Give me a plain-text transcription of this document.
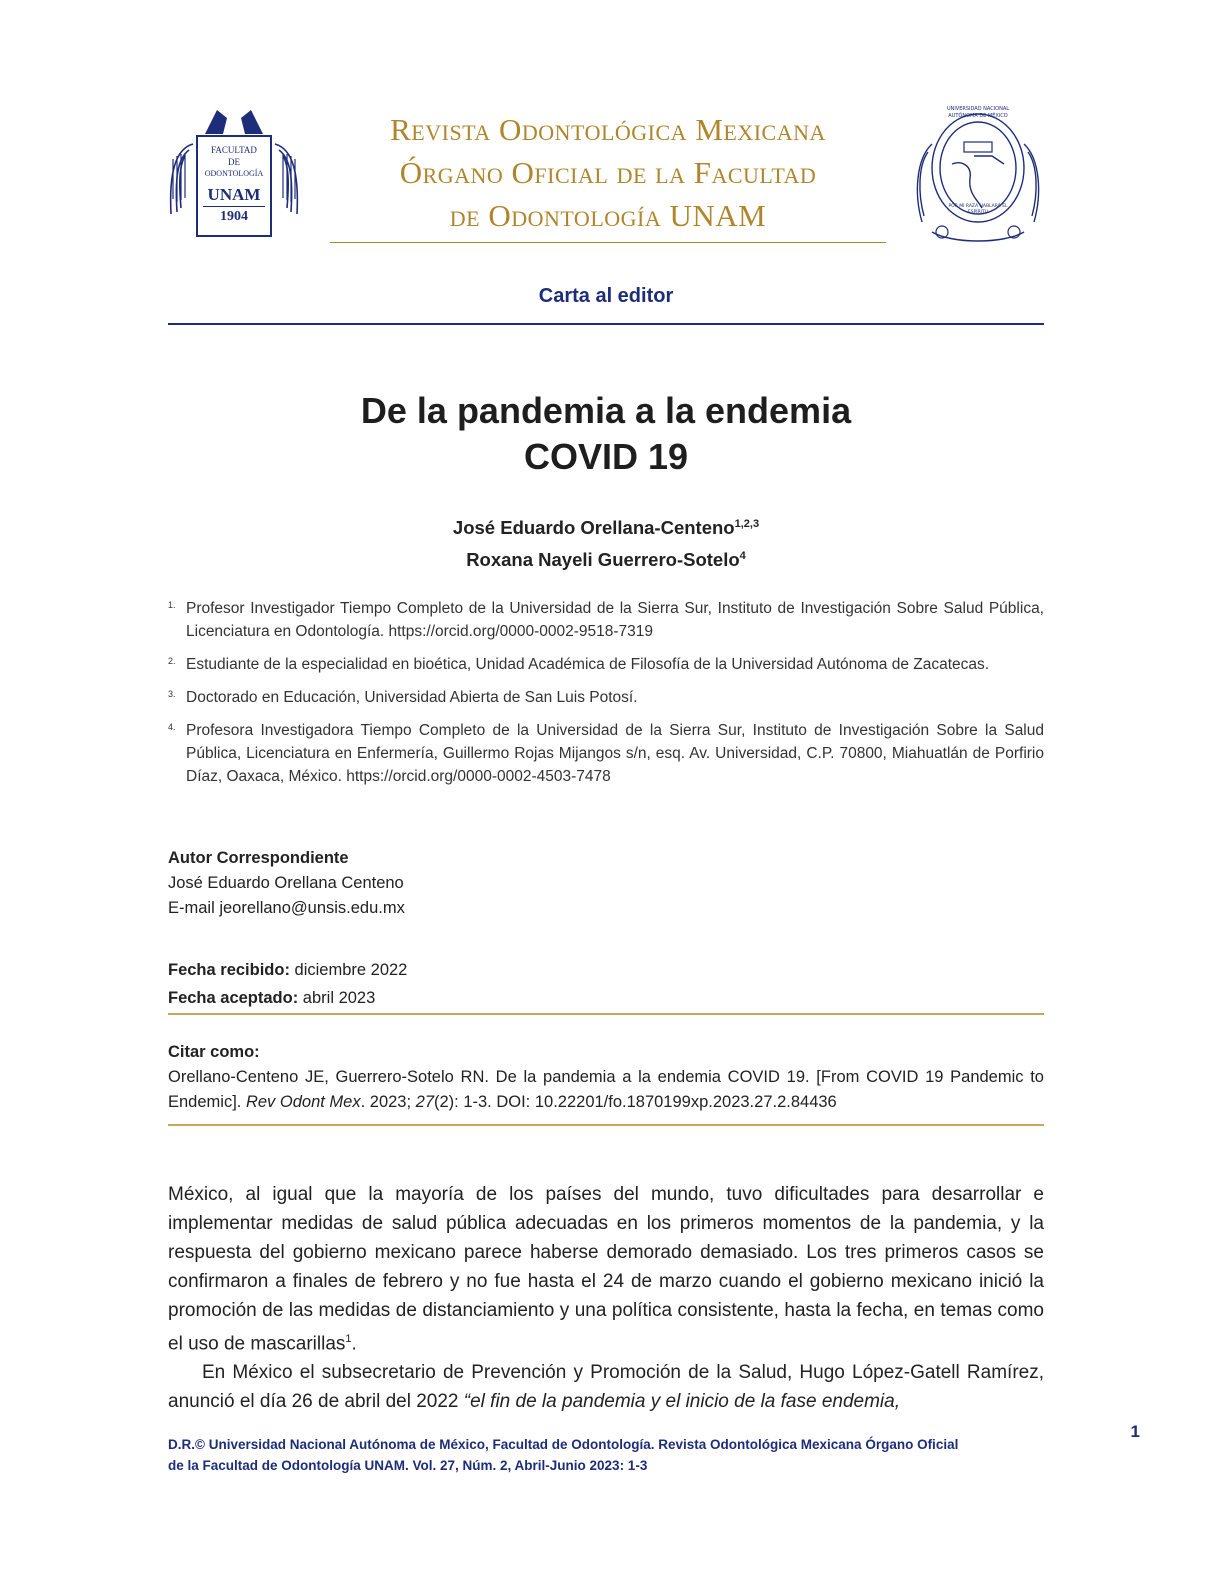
FACULTAD
DE
ODONTOLOGÍA
UNAM
1904
Revista Odontológica Mexicana
Órgano Oficial de la Facultad
de Odontología UNAM
UNIVERSIDAD NACIONAL AUTÓNOMA DE MÉXICO
POR MI RAZA HABLARÁ EL ESPÍRITU
Carta al editor
De la pandemia a la endemia
COVID 19
José Eduardo Orellana-Centeno$^{1,2,3}$
Roxana Nayeli Guerrero-Sotelo$^4$
1. Profesor Investigador Tiempo Completo de la Universidad de la Sierra Sur, Instituto de Investigación Sobre Salud Pública, Licenciatura en Odontología. https://orcid.org/0000-0002-9518-7319
2. Estudiante de la especialidad en bioética, Unidad Académica de Filosofía de la Universidad Autónoma de Zacatecas.
3. Doctorado en Educación, Universidad Abierta de San Luis Potosí.
4. Profesora Investigadora Tiempo Completo de la Universidad de la Sierra Sur, Instituto de Investigación Sobre la Salud Pública, Licenciatura en Enfermería, Guillermo Rojas Mijangos s/n, esq. Av. Universidad, C.P. 70800, Miahuatlán de Porfirio Díaz, Oaxaca, México. https://orcid.org/0000-0002-4503-7478
Autor Correspondiente
José Eduardo Orellana Centeno
E-mail jeorellano@unsis.edu.mx
Fecha recibido: diciembre 2022
Fecha aceptado: abril 2023
Citar como:
Orellano-Centeno JE, Guerrero-Sotelo RN. De la pandemia a la endemia COVID 19. [From COVID 19 Pandemic to Endemic]. Rev Odont Mex. 2023; 27(2): 1-3. DOI: 10.22201/fo.1870199xp.2023.27.2.84436

México, al igual que la mayoría de los países del mundo, tuvo dificultades para desarrollar e implementar medidas de salud pública adecuadas en los primeros momentos de la pandemia, y la respuesta del gobierno mexicano parece haberse demorado demasiado. Los tres primeros casos se confirmaron a finales de febrero y no fue hasta el 24 de marzo cuando el gobierno mexicano inició la promoción de las medidas de distanciamiento y una política consistente, hasta la fecha, en temas como el uso de mascarillas$^1$.

En México el subsecretario de Prevención y Promoción de la Salud, Hugo López-Gatell Ramírez, anunció el día 26 de abril del 2022 “el fin de la pandemia y el inicio de la fase endemia,

D.R.© Universidad Nacional Autónoma de México, Facultad de Odontología. Revista Odontológica Mexicana Órgano Oficial
de la Facultad de Odontología UNAM. Vol. 27, Núm. 2, Abril-Junio 2023: 1-3
1
